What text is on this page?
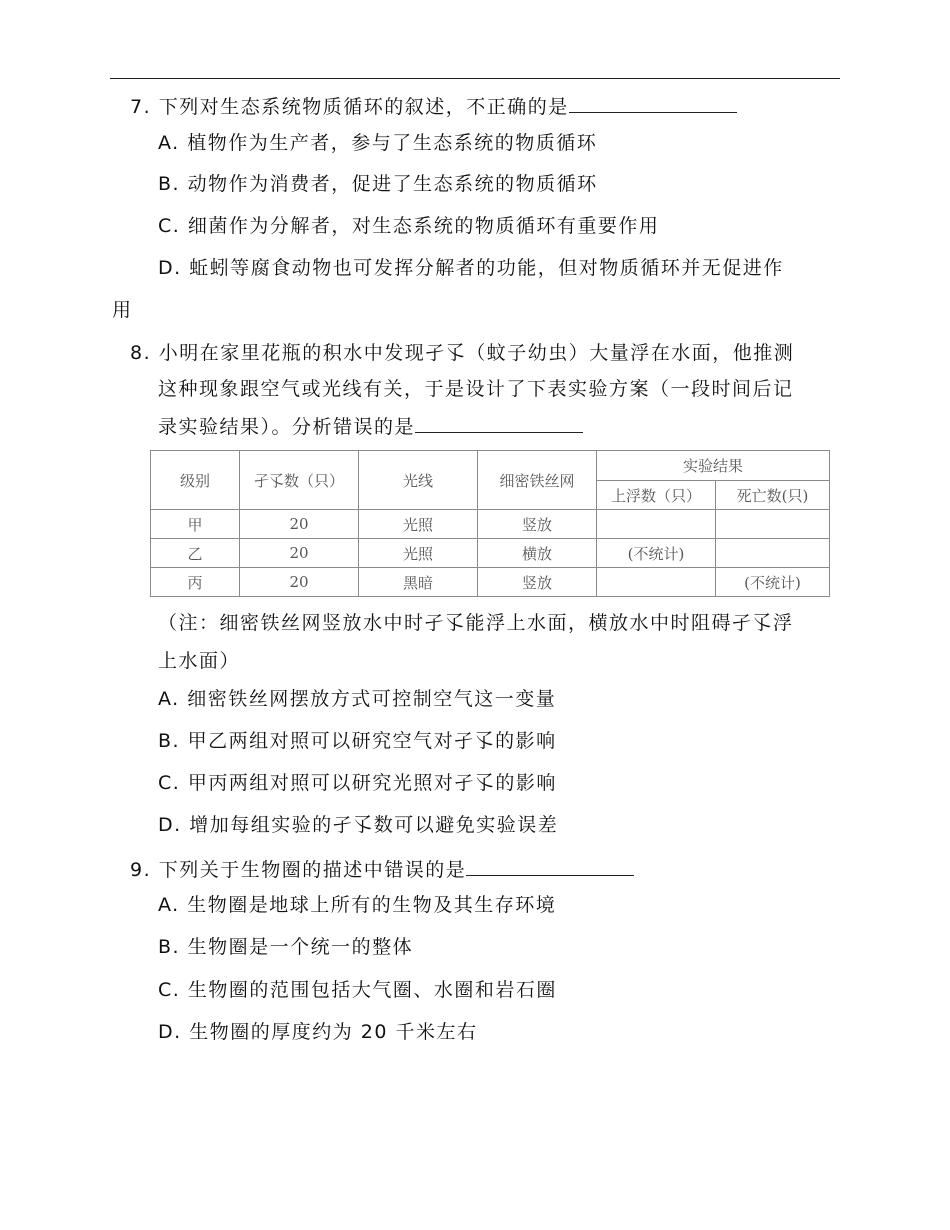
7. 下列对生态系统物质循环的叙述，不正确的是
A. 植物作为生产者，参与了生态系统的物质循环
B. 动物作为消费者，促进了生态系统的物质循环
C. 细菌作为分解者，对生态系统的物质循环有重要作用
D. 蚯蚓等腐食动物也可发挥分解者的功能，但对物质循环并无促进作
用
8. 小明在家里花瓶的积水中发现孑孓（蚊子幼虫）大量浮在水面，他推测
这种现象跟空气或光线有关，于是设计了下表实验方案（一段时间后记
录实验结果）。分析错误的是
级别	孑孓数（只）	光线	细密铁丝网	实验结果	
				上浮数（只）	死亡数(只)
甲	20	光照	竖放		
乙	20	光照	横放	(不统计)	
丙	20	黑暗	竖放		(不统计)
（注：细密铁丝网竖放水中时孑孓能浮上水面，横放水中时阻碍孑孓浮
上水面）
A. 细密铁丝网摆放方式可控制空气这一变量
B. 甲乙两组对照可以研究空气对孑孓的影响
C. 甲丙两组对照可以研究光照对孑孓的影响
D. 增加每组实验的孑孓数可以避免实验误差
9. 下列关于生物圈的描述中错误的是
A. 生物圈是地球上所有的生物及其生存环境
B. 生物圈是一个统一的整体
C. 生物圈的范围包括大气圈、水圈和岩石圈
D. 生物圈的厚度约为 20 千米左右
